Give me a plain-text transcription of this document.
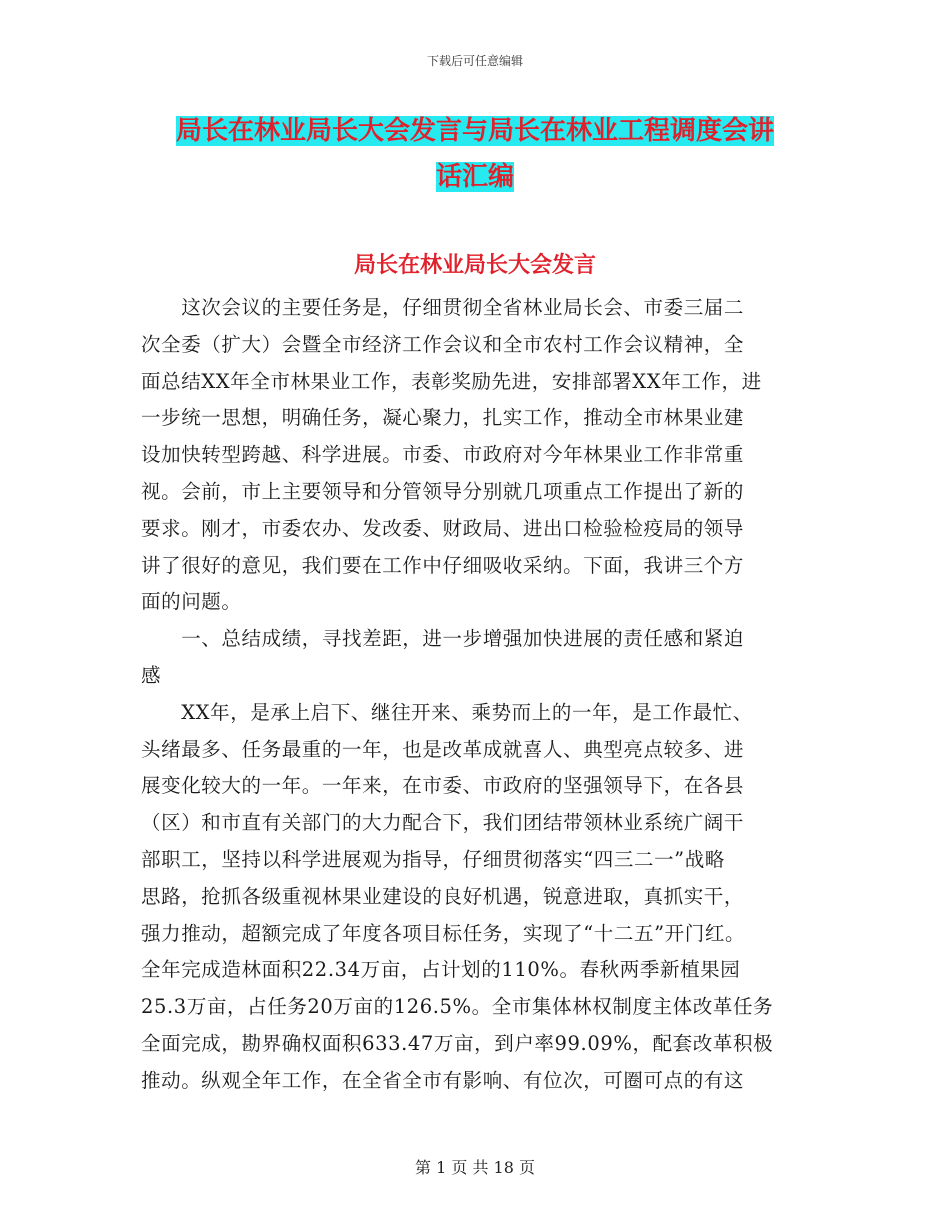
下载后可任意编辑
局长在林业局长大会发言与局长在林业工程调度会讲
话汇编
局长在林业局长大会发言
　　这次会议的主要任务是，仔细贯彻全省林业局长会、市委三届二
次全委（扩大）会暨全市经济工作会议和全市农村工作会议精神，全
面总结XX年全市林果业工作，表彰奖励先进，安排部署XX年工作，进
一步统一思想，明确任务，凝心聚力，扎实工作，推动全市林果业建
设加快转型跨越、科学进展。市委、市政府对今年林果业工作非常重
视。会前，市上主要领导和分管领导分别就几项重点工作提出了新的
要求。刚才，市委农办、发改委、财政局、进出口检验检疫局的领导
讲了很好的意见，我们要在工作中仔细吸收采纳。下面，我讲三个方
面的问题。
　　一、总结成绩，寻找差距，进一步增强加快进展的责任感和紧迫
感
　　XX年，是承上启下、继往开来、乘势而上的一年，是工作最忙、
头绪最多、任务最重的一年，也是改革成就喜人、典型亮点较多、进
展变化较大的一年。一年来，在市委、市政府的坚强领导下，在各县
（区）和市直有关部门的大力配合下，我们团结带领林业系统广阔干
部职工，坚持以科学进展观为指导，仔细贯彻落实“四三二一”战略
思路，抢抓各级重视林果业建设的良好机遇，锐意进取，真抓实干，
强力推动，超额完成了年度各项目标任务，实现了“十二五”开门红。
全年完成造林面积22.34万亩，占计划的110%。春秋两季新植果园
25.3万亩，占任务20万亩的126.5%。全市集体林权制度主体改革任务
全面完成，勘界确权面积633.47万亩，到户率99.09%，配套改革积极
推动。纵观全年工作，在全省全市有影响、有位次，可圈可点的有这
第 1 页 共 18 页
